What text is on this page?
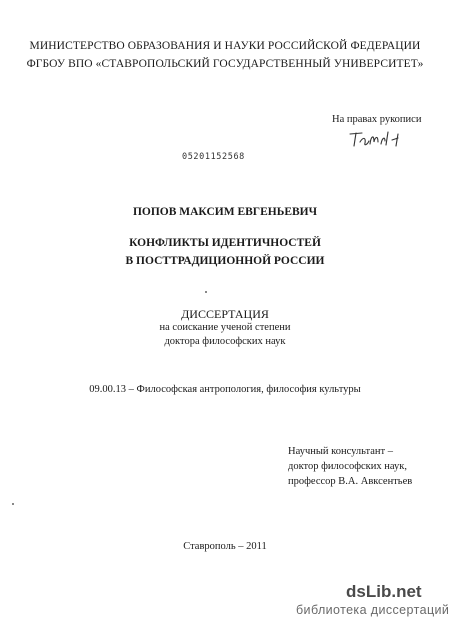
МИНИСТЕРСТВО ОБРАЗОВАНИЯ И НАУКИ РОССИЙСКОЙ ФЕДЕРАЦИИ
ФГБОУ ВПО «СТАВРОПОЛЬСКИЙ ГОСУДАРСТВЕННЫЙ УНИВЕРСИТЕТ»
На правах рукописи
05201152568
ПОПОВ МАКСИМ ЕВГЕНЬЕВИЧ
КОНФЛИКТЫ ИДЕНТИЧНОСТЕЙ
В ПОСТТРАДИЦИОННОЙ РОССИИ
ДИССЕРТАЦИЯ
на соискание ученой степени
доктора философских наук
09.00.13 – Философская антропология, философия культуры
Научный консультант –
доктор философских наук,
профессор В.А. Авксентьев
Ставрополь – 2011
dsLib.net
библиотека диссертаций
